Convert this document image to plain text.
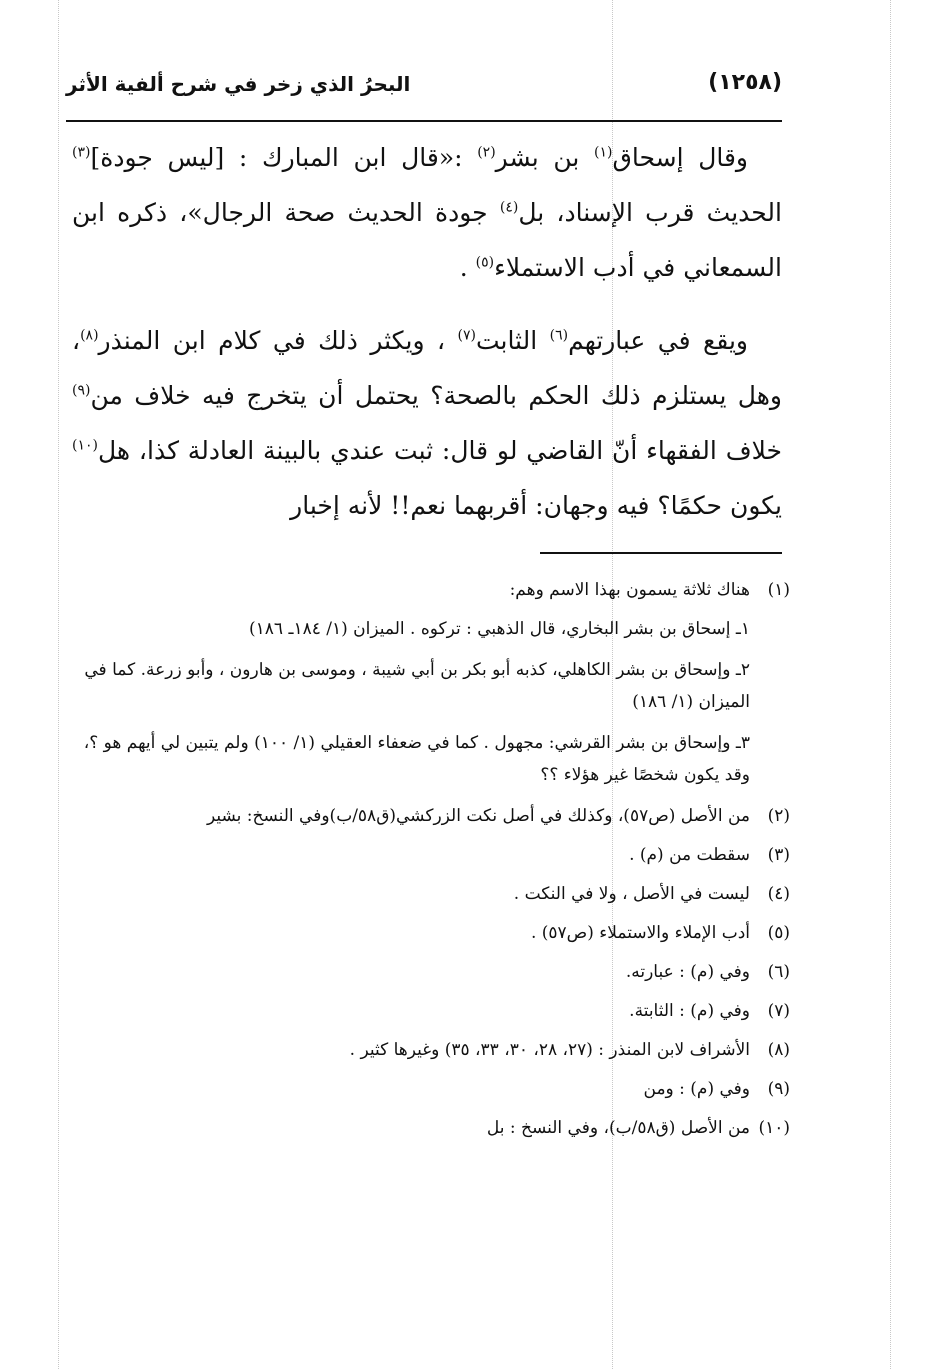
(١٢٥٨)
البحرُ الذي زخر في شرح ألفية الأثر

وقال إسحاق$^{(١)}$ بن بشر$^{(٢)}$ :«قال ابن المبارك : [ليس جودة]$^{(٣)}$ الحديث قرب الإسناد، بل$^{(٤)}$ جودة الحديث صحة الرجال»، ذكره ابن السمعاني في أدب الاستملاء$^{(٥)}$ .

ويقع في عبارتهم$^{(٦)}$ الثابت$^{(٧)}$ ، ويكثر ذلك في كلام ابن المنذر$^{(٨)}$، وهل يستلزم ذلك الحكم بالصحة؟ يحتمل أن يتخرج فيه خلاف من$^{(٩)}$ خلاف الفقهاء أنّ القاضي لو قال: ثبت عندي بالبينة العادلة كذا، هل$^{(١٠)}$ يكون حكمًا؟ فيه وجهان: أقربهما نعم!! لأنه إخبار

(١)هناك ثلاثة يسمون بهذا الاسم وهم:

١ـ إسحاق بن بشر البخاري، قال الذهبي : تركوه . الميزان (١/ ١٨٤ـ ١٨٦)

٢ـ وإسحاق بن بشر الكاهلي، كذبه أبو بكر بن أبي شيبة ، وموسى بن هارون ، وأبو زرعة. كما في الميزان (١/ ١٨٦)

٣ـ وإسحاق بن بشر القرشي: مجهول . كما في ضعفاء العقيلي (١/ ١٠٠) ولم يتبين لي أيهم هو ؟، وقد يكون شخصًا غير هؤلاء ؟؟

(٢)من الأصل (ص٥٧)، وكذلك في أصل نكت الزركشي(ق٥٨/ب)وفي النسخ: بشير

(٣)سقطت من (م) .

(٤)ليست في الأصل ، ولا في النكت .

(٥)أدب الإملاء والاستملاء (ص٥٧) .

(٦)وفي (م) : عبارته.

(٧)وفي (م) : الثابتة.

(٨)الأشراف لابن المنذر : (٢٧، ٢٨، ٣٠، ٣٣، ٣٥) وغيرها كثير .

(٩)وفي (م) : ومن

(١٠)من الأصل (ق٥٨/ب)، وفي النسخ : بل
